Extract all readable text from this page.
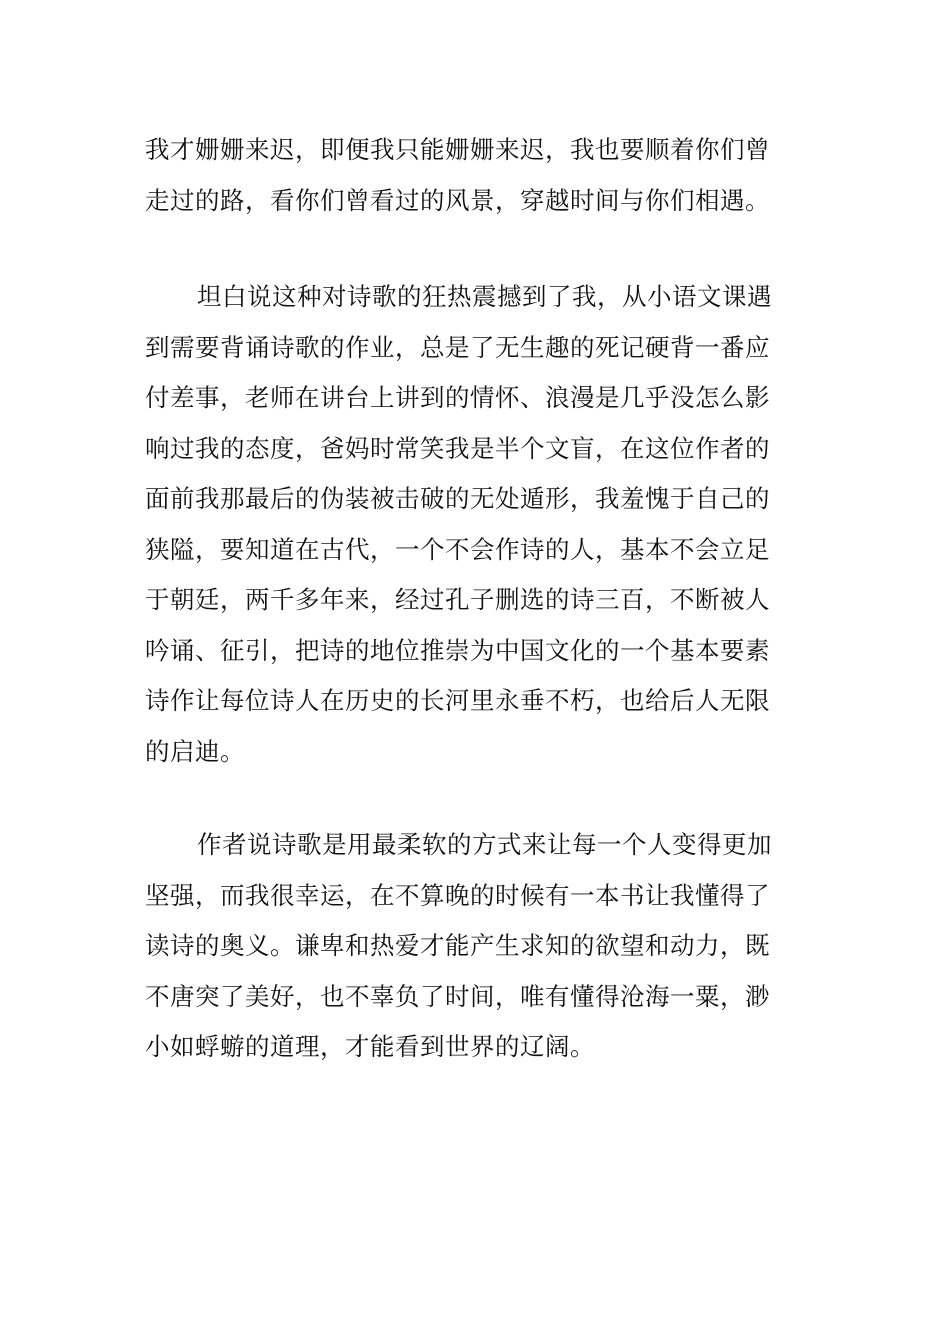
我才姗姗来迟，即便我只能姗姗来迟，我也要顺着你们曾
走过的路，看你们曾看过的风景，穿越时间与你们相遇。
坦白说这种对诗歌的狂热震撼到了我，从小语文课遇
到需要背诵诗歌的作业，总是了无生趣的死记硬背一番应
付差事，老师在讲台上讲到的情怀、浪漫是几乎没怎么影
响过我的态度，爸妈时常笑我是半个文盲，在这位作者的
面前我那最后的伪装被击破的无处遁形，我羞愧于自己的
狭隘，要知道在古代，一个不会作诗的人，基本不会立足
于朝廷，两千多年来，经过孔子删选的诗三百，不断被人
吟诵、征引，把诗的地位推崇为中国文化的一个基本要素
诗作让每位诗人在历史的长河里永垂不朽，也给后人无限
的启迪。
作者说诗歌是用最柔软的方式来让每一个人变得更加
坚强，而我很幸运，在不算晚的时候有一本书让我懂得了
读诗的奥义。谦卑和热爱才能产生求知的欲望和动力，既
不唐突了美好，也不辜负了时间，唯有懂得沧海一粟，渺
小如蜉蝣的道理，才能看到世界的辽阔。
